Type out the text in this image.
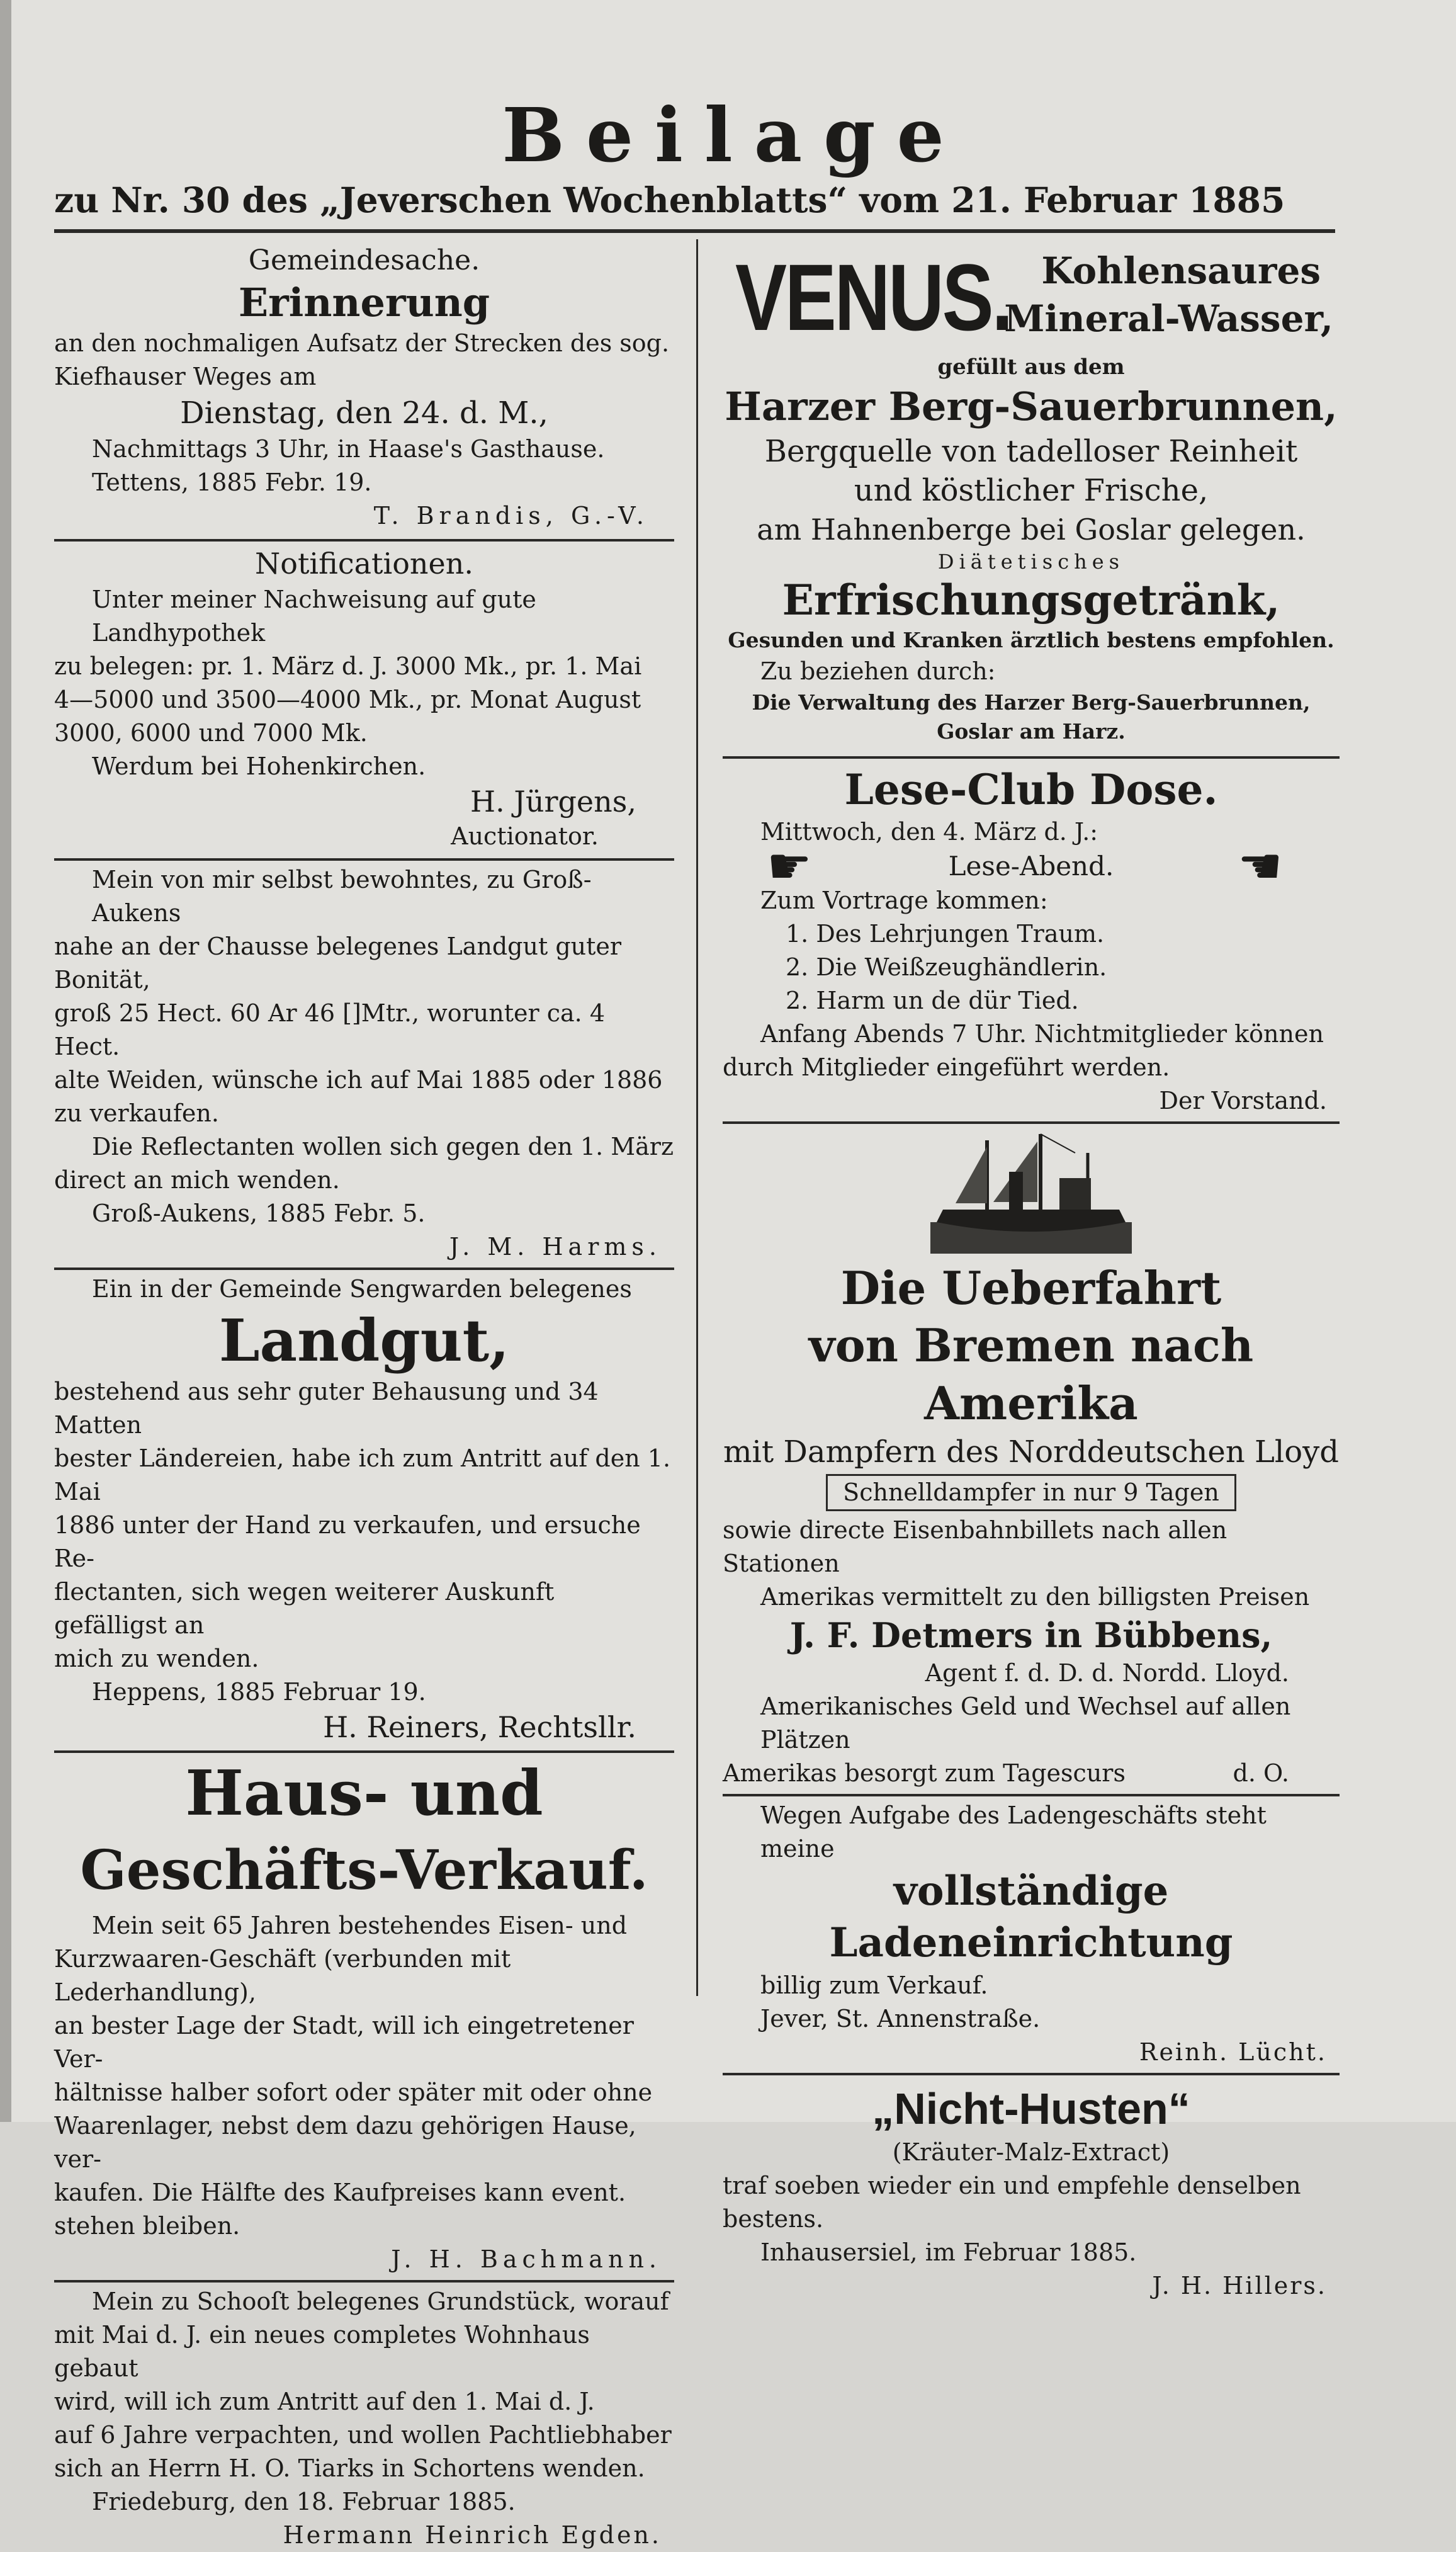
Beilage
zu Nr. 30 des „Jeverschen Wochenblatts“ vom 21. Februar 1885
Gemeindesache.
Erinnerung
an den nochmaligen Aufsatz der Strecken des sog.
Kiefhauser Weges am
Dienstag, den 24. d. M.,
Nachmittags 3 Uhr, in Haase's Gasthause.
Tettens, 1885 Febr. 19.
T. Brandis, G.-V.
Notificationen.
Unter meiner Nachweisung auf gute Landhypothek
zu belegen: pr. 1. März d. J. 3000 Mk., pr. 1. Mai
4—5000 und 3500—4000 Mk., pr. Monat August
3000, 6000 und 7000 Mk.
Werdum bei Hohenkirchen.
H. Jürgens,
Auctionator.
Mein von mir selbst bewohntes, zu Groß-Aukens
nahe an der Chausse belegenes Landgut guter Bonität,
groß 25 Hect. 60 Ar 46 []Mtr., worunter ca. 4 Hect.
alte Weiden, wünsche ich auf Mai 1885 oder 1886
zu verkaufen.
Die Reflectanten wollen sich gegen den 1. März
direct an mich wenden.
Groß-Aukens, 1885 Febr. 5.
J. M. Harms.
Ein in der Gemeinde Sengwarden belegenes
Landgut,
bestehend aus sehr guter Behausung und 34 Matten
bester Ländereien, habe ich zum Antritt auf den 1. Mai
1886 unter der Hand zu verkaufen, und ersuche Re-
flectanten, sich wegen weiterer Auskunft gefälligst an
mich zu wenden.
Heppens, 1885 Februar 19.
H. Reiners, Rechtsllr.
Haus- und
Geschäfts-Verkauf.
Mein seit 65 Jahren bestehendes Eisen- und
Kurzwaaren-Geschäft (verbunden mit Lederhandlung),
an bester Lage der Stadt, will ich eingetretener Ver-
hältnisse halber sofort oder später mit oder ohne
Waarenlager, nebst dem dazu gehörigen Hause, ver-
kaufen. Die Hälfte des Kaufpreises kann event.
stehen bleiben.
J. H. Bachmann.
Mein zu Schooſt belegenes Grundstück, worauf
mit Mai d. J. ein neues completes Wohnhaus gebaut
wird, will ich zum Antritt auf den 1. Mai d. J.
auf 6 Jahre verpachten, und wollen Pachtliebhaber
sich an Herrn H. O. Tiarks in Schortens wenden.
Friedeburg, den 18. Februar 1885.
Hermann Heinrich Egden.
VENUS. Kohlensaures
Mineral-Wasser,
gefüllt aus dem
Harzer Berg-Sauerbrunnen,
Bergquelle von tadelloser Reinheit
und köstlicher Frische,
am Hahnenberge bei Goslar gelegen.
Diätetisches
Erfrischungsgetränk,
Gesunden und Kranken ärztlich bestens empfohlen.
Zu beziehen durch:
Die Verwaltung des Harzer Berg-Sauerbrunnen,
Goslar am Harz.
Lese-Club Dose.
Mittwoch, den 4. März d. J.:
☛	Lese-Abend.	☛
Zum Vortrage kommen:
1. Des Lehrjungen Traum.
2. Die Weißzeughändlerin.
2. Harm un de dür Tied.
Anfang Abends 7 Uhr. Nichtmitglieder können
durch Mitglieder eingeführt werden.
Der Vorstand.
Die Ueberfahrt
von Bremen nach Amerika
mit Dampfern des Norddeutschen Lloyd
Schnelldampfer in nur 9 Tagen
sowie directe Eisenbahnbillets nach allen Stationen
Amerikas vermittelt zu den billigsten Preisen
J. F. Detmers in Bübbens,
Agent f. d. D. d. Nordd. Lloyd.
Amerikanisches Geld und Wechsel auf allen Plätzen
Amerikas besorgt zum Tagescurs	d. O.
Wegen Aufgabe des Ladengeschäfts steht meine
vollständige Ladeneinrichtung
billig zum Verkauf.
Jever, St. Annenstraße.
Reinh. Lücht.
„Nicht-Husten“
(Kräuter-Malz-Extract)
traf soeben wieder ein und empfehle denselben bestens.
Inhausersiel, im Februar 1885.
J. H. Hillers.
